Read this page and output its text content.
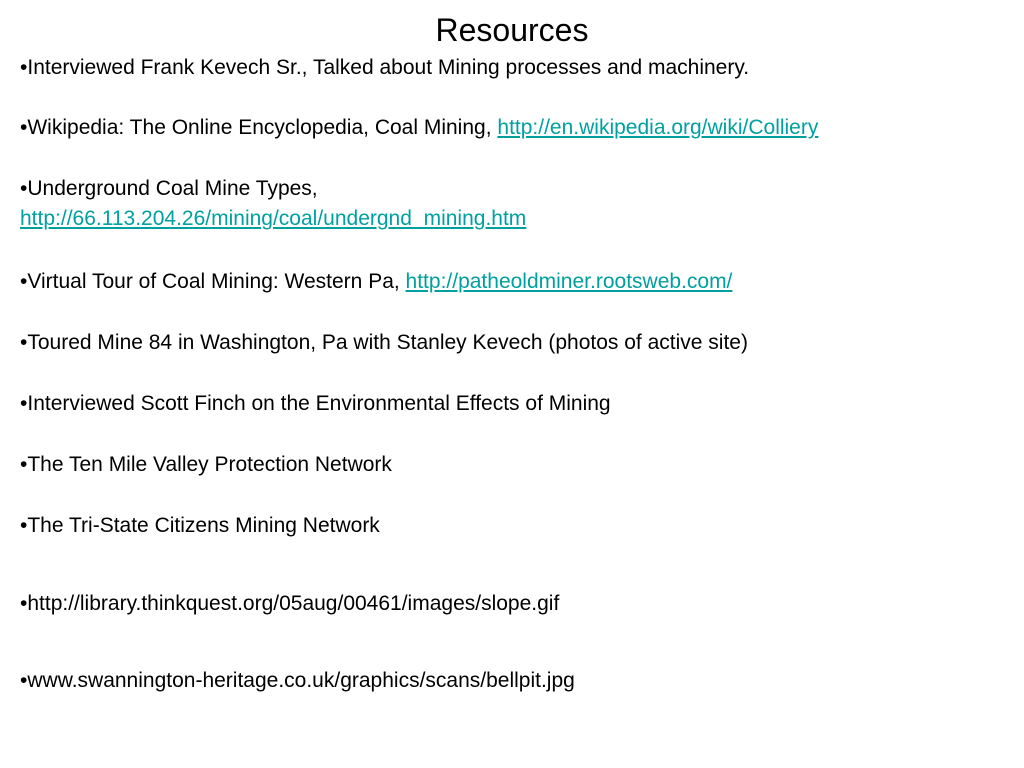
Resources
•Interviewed Frank Kevech Sr., Talked about Mining processes and machinery.
•Wikipedia: The Online Encyclopedia, Coal Mining, http://en.wikipedia.org/wiki/Colliery
•Underground Coal Mine Types,
http://66.113.204.26/mining/coal/undergnd_mining.htm
•Virtual Tour of Coal Mining: Western Pa, http://patheoldminer.rootsweb.com/
•Toured Mine 84 in Washington, Pa with Stanley Kevech (photos of active site)
•Interviewed Scott Finch on the Environmental Effects of Mining
•The Ten Mile Valley Protection Network
•The Tri-State Citizens Mining Network
•http://library.thinkquest.org/05aug/00461/images/slope.gif
•www.swannington-heritage.co.uk/graphics/scans/bellpit.jpg
